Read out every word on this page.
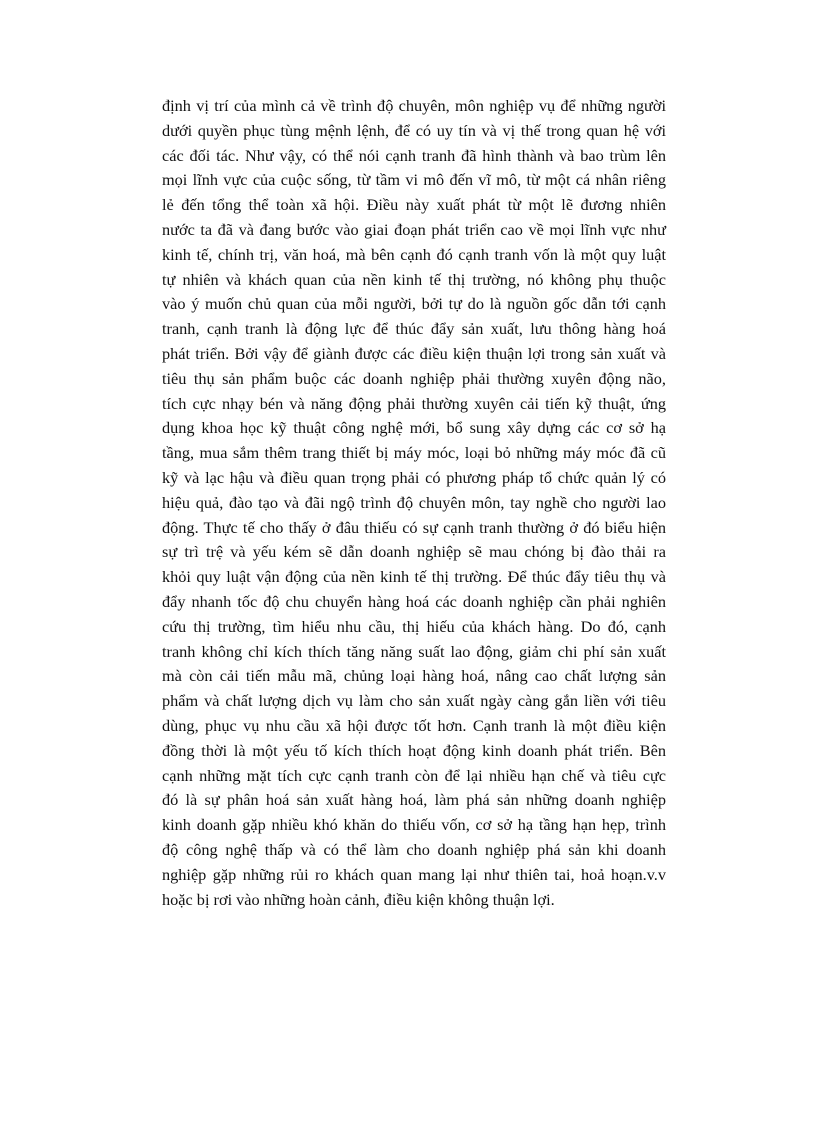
định vị trí của mình cả về trình độ chuyên, môn nghiệp vụ để những người
dưới quyền phục tùng mệnh lệnh, để có uy tín và vị thế trong quan hệ với
các đối tác. Như vậy, có thể nói cạnh tranh đã hình thành và bao trùm lên
mọi lĩnh vực của cuộc sống, từ tầm vi mô đến vĩ mô, từ một cá nhân riêng
lẻ đến tổng thể toàn xã hội. Điều này xuất phát từ một lẽ đương nhiên
nước ta đã và đang bước vào giai đoạn phát triển cao về mọi lĩnh vực như
kinh tế, chính trị, văn hoá, mà bên cạnh đó cạnh tranh vốn là một quy luật
tự nhiên và khách quan của nền kinh tế thị trường, nó không phụ thuộc
vào ý muốn chủ quan của mỗi người, bởi tự do là nguồn gốc dẫn tới cạnh
tranh, cạnh tranh là động lực để thúc đẩy sản xuất, lưu thông hàng hoá
phát triển. Bởi vậy để giành được các điều kiện thuận lợi trong sản xuất và
tiêu thụ sản phẩm buộc các doanh nghiệp phải thường xuyên động não,
tích cực nhạy bén và năng động phải thường xuyên cải tiến kỹ thuật, ứng
dụng khoa học kỹ thuật công nghệ mới, bổ sung xây dựng các cơ sở hạ
tầng, mua sắm thêm trang thiết bị máy móc, loại bỏ những máy móc đã cũ
kỹ và lạc hậu và điều quan trọng phải có phương pháp tổ chức quản lý có
hiệu quả, đào tạo và đãi ngộ trình độ chuyên môn, tay nghề cho người lao
động. Thực tế cho thấy ở đâu thiếu có sự cạnh tranh thường ở đó biểu hiện
sự trì trệ và yếu kém sẽ dẫn doanh nghiệp sẽ mau chóng bị đào thải ra
khỏi quy luật vận động của nền kinh tế thị trường. Để thúc đẩy tiêu thụ và
đẩy nhanh tốc độ chu chuyển hàng hoá các doanh nghiệp cần phải nghiên
cứu thị trường, tìm hiểu nhu cầu, thị hiếu của khách hàng. Do đó, cạnh
tranh không chỉ kích thích tăng năng suất lao động, giảm chi phí sản xuất
mà còn cải tiến mẫu mã, chủng loại hàng hoá, nâng cao chất lượng sản
phẩm và chất lượng dịch vụ làm cho sản xuất ngày càng gắn liền với tiêu
dùng, phục vụ nhu cầu xã hội được tốt hơn. Cạnh tranh là một điều kiện
đồng thời là một yếu tố kích thích hoạt động kinh doanh phát triển. Bên
cạnh những mặt tích cực cạnh tranh còn để lại nhiều hạn chế và tiêu cực
đó là sự phân hoá sản xuất hàng hoá, làm phá sản những doanh nghiệp
kinh doanh gặp nhiều khó khăn do thiếu vốn, cơ sở hạ tầng hạn hẹp, trình
độ công nghệ thấp và có thể làm cho doanh nghiệp phá sản khi doanh
nghiệp gặp những rủi ro khách quan mang lại như thiên tai, hoả hoạn.v.v
hoặc bị rơi vào những hoàn cảnh, điều kiện không thuận lợi.
